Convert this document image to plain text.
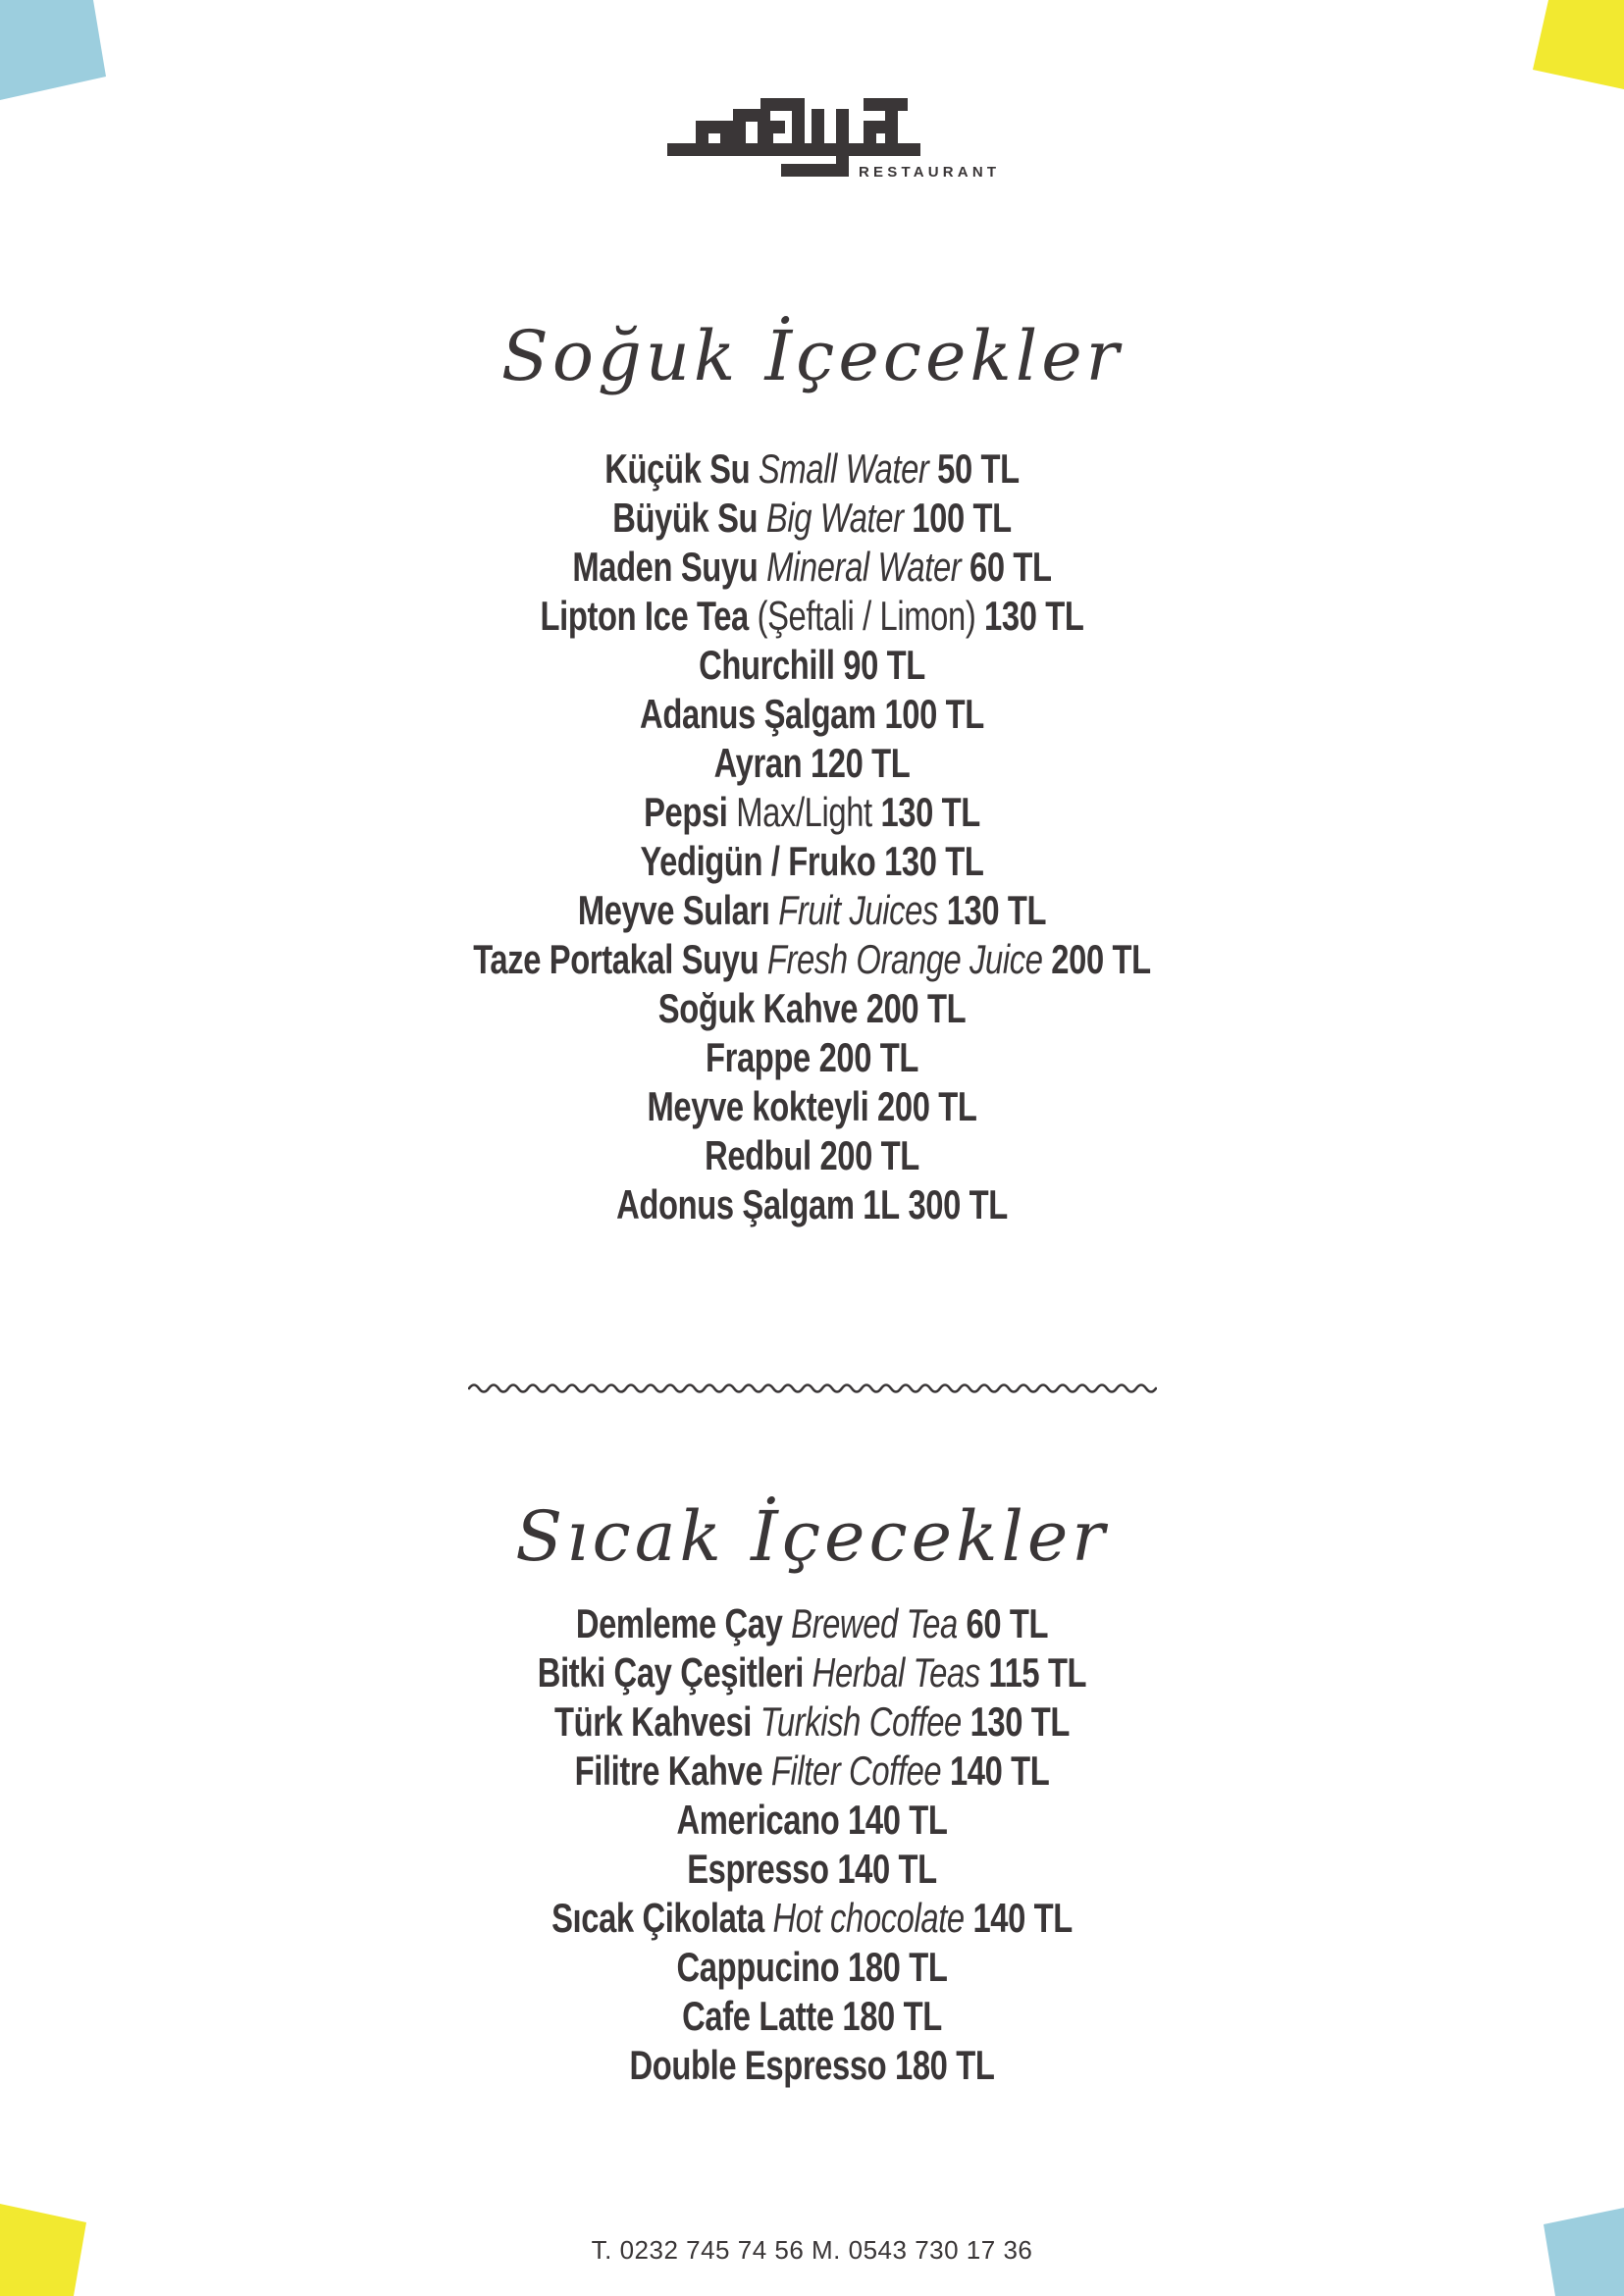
RESTAURANT
Soğuk İçecekler
Küçük Su Small Water 50 TL
Büyük Su Big Water 100 TL
Maden Suyu Mineral Water 60 TL
Lipton Ice Tea (Şeftali / Limon) 130 TL
Churchill 90 TL
Adanus Şalgam 100 TL
Ayran 120 TL
Pepsi Max/Light 130 TL
Yedigün / Fruko 130 TL
Meyve Suları Fruit Juices 130 TL
Taze Portakal Suyu Fresh Orange Juice 200 TL
Soğuk Kahve 200 TL
Frappe 200 TL
Meyve kokteyli 200 TL
Redbul 200 TL
Adonus Şalgam 1L 300 TL
Sıcak İçecekler
Demleme Çay Brewed Tea 60 TL
Bitki Çay Çeşitleri Herbal Teas 115 TL
Türk Kahvesi Turkish Coffee 130 TL
Filitre Kahve Filter Coffee 140 TL
Americano 140 TL
Espresso 140 TL
Sıcak Çikolata Hot chocolate 140 TL
Cappucino 180 TL
Cafe Latte 180 TL
Double Espresso 180 TL
T. 0232 745 74 56 M. 0543 730 17 36
